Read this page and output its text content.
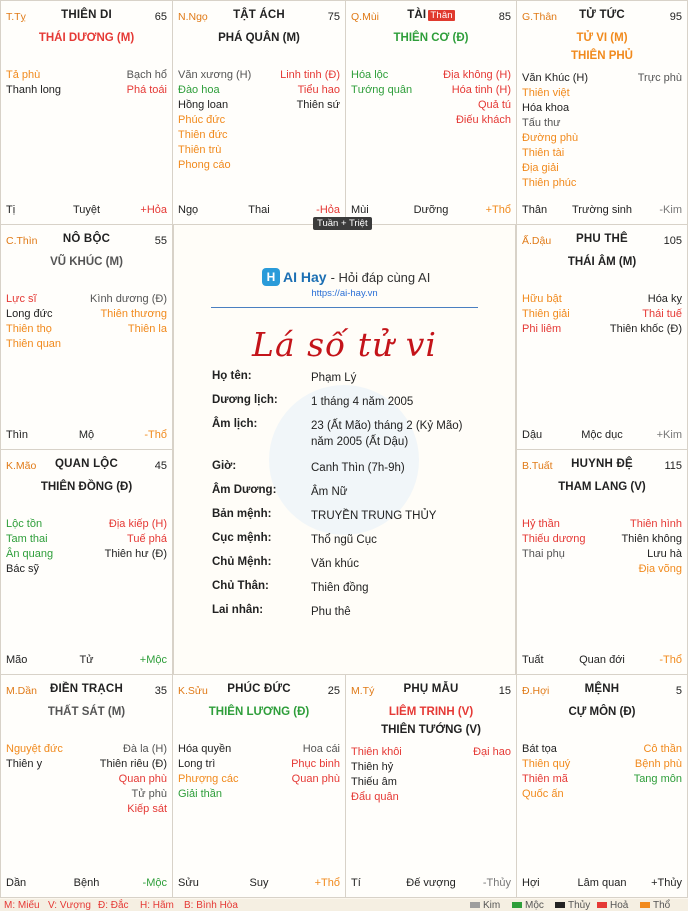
T.Tỵ	THIÊN DI	65
THÁI DƯƠNG (M)
Tả phù
Thanh long
Bạch hổ
Phá toái
Tị	Tuyệt	+Hỏa
N.Ngọ	TẬT ÁCH	75
PHÁ QUÂN (M)
Văn xương (H)
Đào hoa
Hồng loan
Phúc đức
Thiên đức
Thiên trù
Phong cáo
Linh tinh (Đ)
Tiểu hao
Thiên sứ
Ngọ	Thai	-Hỏa
Q.Mùi	TÀI Thân	85
THIÊN CƠ (Đ)
Hóa lộc
Tướng quân
Địa không (H)
Hóa tinh (H)
Quả tú
Điếu khách
Mùi	Dưỡng	+Thổ
G.Thân	TỬ TỨC	95
TỬ VI (M)
THIÊN PHỦ
Văn Khúc (H)
Thiên việt
Hóa khoa
Tấu thư
Đường phù
Thiên tài
Địa giải
Thiên phúc
Trực phù
Thân	Trường sinh	-Kim
C.Thìn	NÔ BỘC	55
VŨ KHÚC (M)
Lực sĩ
Long đức
Thiên thọ
Thiên quan
Kình dương (Đ)
Thiên thương
Thiên la
Thìn	Mộ	-Thổ
Ấ.Dậu	PHU THÊ	105
THÁI ÂM (M)
Hữu bật
Thiên giải
Phi liêm
Hóa kỵ
Thái tuế
Thiên khốc (Đ)
Dậu	Mộc dục	+Kim
K.Mão	QUAN LỘC	45
THIÊN ĐỒNG (Đ)
Lộc tồn
Tam thai
Ân quang
Bác sỹ
Địa kiếp (H)
Tuế phá
Thiên hư (Đ)
Mão	Tử	+Mộc
B.Tuất	HUYNH ĐỆ	115
THAM LANG (V)
Hỷ thần
Thiếu dương
Thai phụ
Thiên hình
Thiên không
Lưu hà
Địa võng
Tuất	Quan đới	-Thổ
M.Dần	ĐIỀN TRẠCH	35
THẤT SÁT (M)
Nguyệt đức
Thiên y
Đà la (H)
Thiên riêu (Đ)
Quan phù
Tử phù
Kiếp sát
Dần	Bệnh	-Mộc
K.Sửu	PHÚC ĐỨC	25
THIÊN LƯƠNG (Đ)
Hóa quyền
Long trì
Phượng các
Giải thần
Hoa cái
Phục binh
Quan phù
Sửu	Suy	+Thổ
M.Tý	PHỤ MẪU	15
LIÊM TRINH (V)
THIÊN TƯỚNG (V)
Thiên khôi
Thiên hỷ
Thiếu âm
Đẩu quân
Đại hao
Tí	Đế vượng	-Thủy
Đ.Hợi	MỆNH	5
CỰ MÔN (Đ)
Bát tọa
Thiên quý
Thiên mã
Quốc ấn
Cô thần
Bệnh phù
Tang môn
Hợi	Lâm quan	+Thủy
Tuần + Triệt
H AI Hay - Hỏi đáp cùng AI
https://ai-hay.vn
Lá số tử vi
Họ tên:	Phạm Lý
Dương lịch:	1 tháng 4 năm 2005
Âm lịch:	23 (Ất Mão) tháng 2 (Kỷ Mão)
năm 2005 (Ất Dậu)
Giờ:	Canh Thìn (7h-9h)
Âm Dương:	Âm Nữ
Bản mệnh:	TRUYỀN TRUNG THỦY
Cục mệnh:	Thổ ngũ Cục
Chủ Mệnh:	Văn khúc
Chủ Thân:	Thiên đồng
Lai nhân:	Phu thê
M: Miếu V: Vượng Đ: Đắc H: Hãm B: Bình Hòa	Kim Mộc Thủy Hoả Thổ
